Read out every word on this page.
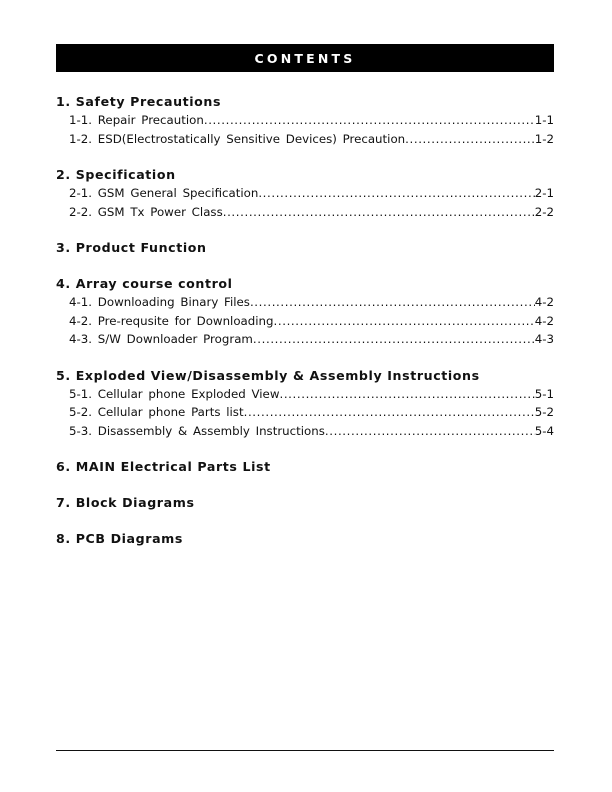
CONTENTS
1. Safety Precautions
1-1. Repair Precaution .....	1-1
1-2. ESD(Electrostatically Sensitive Devices) Precaution .....	1-2
2. Specification
2-1. GSM General Specification .....	2-1
2-2. GSM Tx Power Class .....	2-2
3. Product Function
4. Array course control
4-1. Downloading Binary Files .....	4-2
4-2. Pre-requsite for Downloading .....	4-2
4-3. S/W Downloader Program .....	4-3
5. Exploded View/Disassembly & Assembly Instructions
5-1. Cellular phone Exploded View .....	5-1
5-2. Cellular phone Parts list .....	5-2
5-3. Disassembly & Assembly Instructions .....	5-4
6. MAIN Electrical Parts List
7. Block Diagrams
8. PCB Diagrams
